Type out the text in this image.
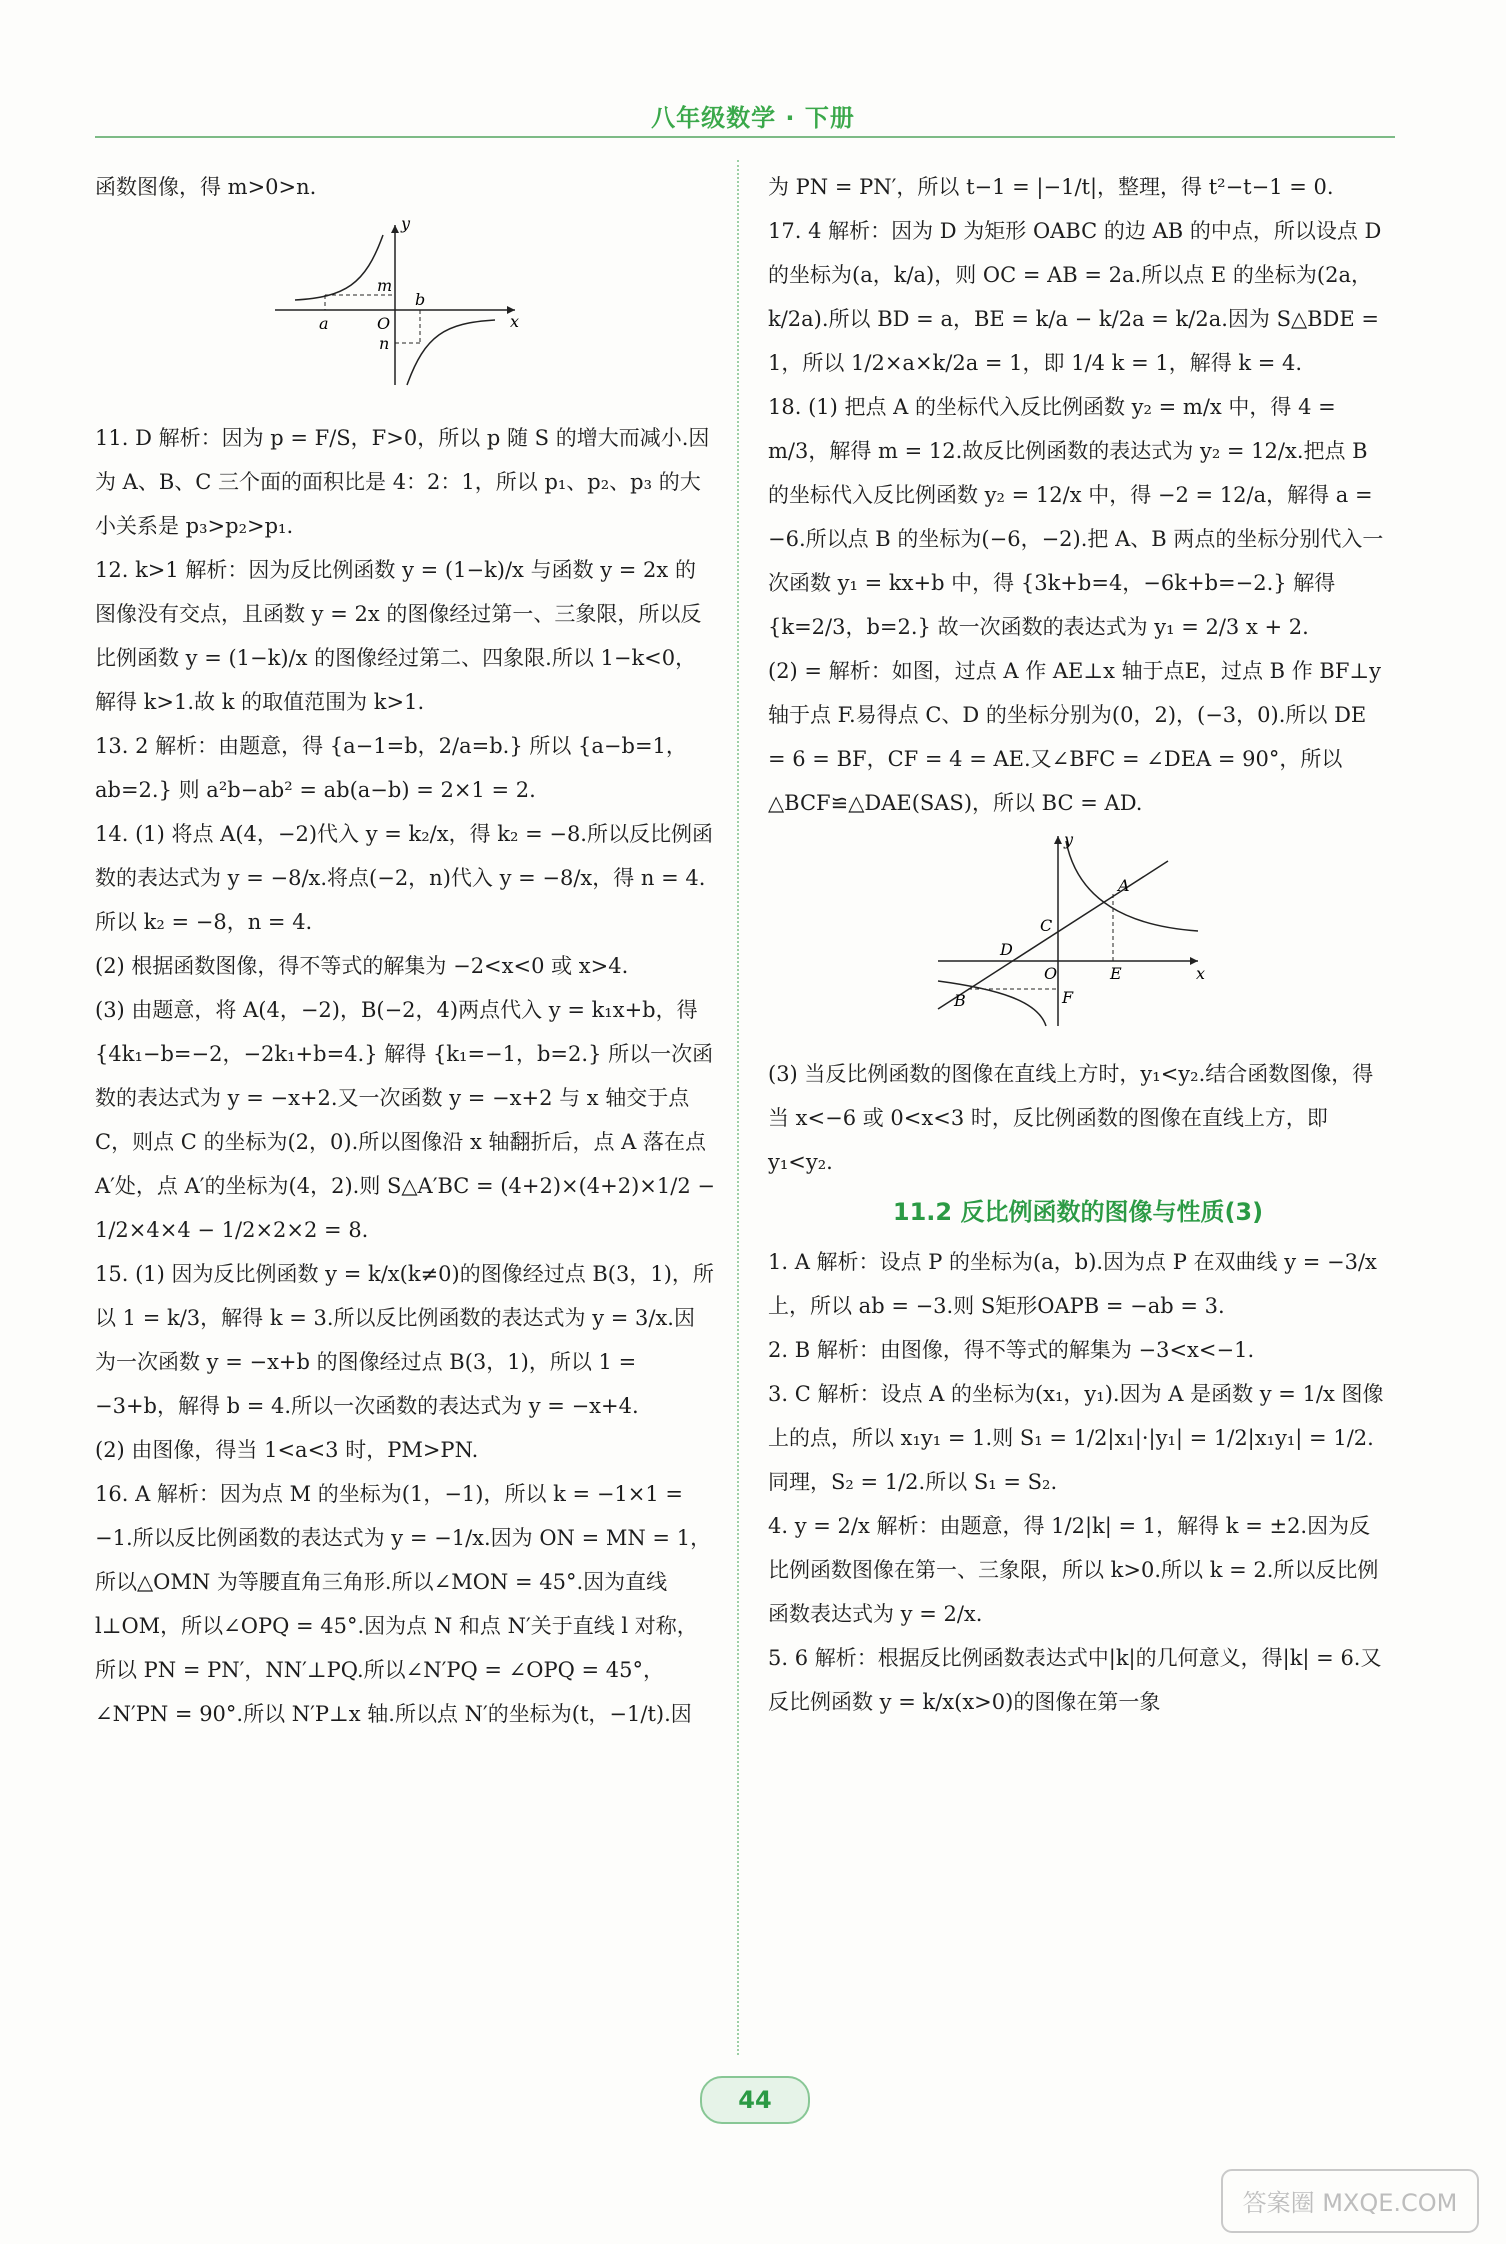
八年级数学 · 下册

函数图像，得 m>0>n.

y
x
O
a
b
m
n

11. D 解析：因为 p = F/S，F>0，所以 p 随 S 的增大而减小.因为 A、B、C 三个面的面积比是 4：2：1，所以 p₁、p₂、p₃ 的大小关系是 p₃>p₂>p₁.

12. k>1 解析：因为反比例函数 y = (1−k)/x 与函数 y = 2x 的图像没有交点，且函数 y = 2x 的图像经过第一、三象限，所以反比例函数 y = (1−k)/x 的图像经过第二、四象限.所以 1−k<0，解得 k>1.故 k 的取值范围为 k>1.

13. 2 解析：由题意，得 {a−1=b，2/a=b.} 所以 {a−b=1，ab=2.} 则 a²b−ab² = ab(a−b) = 2×1 = 2.

14. (1) 将点 A(4，−2)代入 y = k₂/x，得 k₂ = −8.所以反比例函数的表达式为 y = −8/x.将点(−2，n)代入 y = −8/x，得 n = 4.所以 k₂ = −8，n = 4.

(2) 根据函数图像，得不等式的解集为 −2<x<0 或 x>4.

(3) 由题意，将 A(4，−2)，B(−2，4)两点代入 y = k₁x+b，得 {4k₁−b=−2，−2k₁+b=4.} 解得 {k₁=−1，b=2.} 所以一次函数的表达式为 y = −x+2.又一次函数 y = −x+2 与 x 轴交于点C，则点 C 的坐标为(2，0).所以图像沿 x 轴翻折后，点 A 落在点 A′处，点 A′的坐标为(4，2).则 S△A′BC = (4+2)×(4+2)×1/2 − 1/2×4×4 − 1/2×2×2 = 8.

15. (1) 因为反比例函数 y = k/x(k≠0)的图像经过点 B(3，1)，所以 1 = k/3，解得 k = 3.所以反比例函数的表达式为 y = 3/x.因为一次函数 y = −x+b 的图像经过点 B(3，1)，所以 1 = −3+b，解得 b = 4.所以一次函数的表达式为 y = −x+4.

(2) 由图像，得当 1<a<3 时，PM>PN.

16. A 解析：因为点 M 的坐标为(1，−1)，所以 k = −1×1 = −1.所以反比例函数的表达式为 y = −1/x.因为 ON = MN = 1，所以△OMN 为等腰直角三角形.所以∠MON = 45°.因为直线 l⊥OM，所以∠OPQ = 45°.因为点 N 和点 N′关于直线 l 对称，所以 PN = PN′，NN′⊥PQ.所以∠N′PQ = ∠OPQ = 45°，∠N′PN = 90°.所以 N′P⊥x 轴.所以点 N′的坐标为(t，−1/t).因

为 PN = PN′，所以 t−1 = |−1/t|，整理，得 t²−t−1 = 0.

17. 4 解析：因为 D 为矩形 OABC 的边 AB 的中点，所以设点 D 的坐标为(a，k/a)，则 OC = AB = 2a.所以点 E 的坐标为(2a，k/2a).所以 BD = a，BE = k/a − k/2a = k/2a.因为 S△BDE = 1，所以 1/2×a×k/2a = 1，即 1/4 k = 1，解得 k = 4.

18. (1) 把点 A 的坐标代入反比例函数 y₂ = m/x 中，得 4 = m/3，解得 m = 12.故反比例函数的表达式为 y₂ = 12/x.把点 B 的坐标代入反比例函数 y₂ = 12/x 中，得 −2 = 12/a，解得 a = −6.所以点 B 的坐标为(−6，−2).把 A、B 两点的坐标分别代入一次函数 y₁ = kx+b 中，得 {3k+b=4，−6k+b=−2.} 解得 {k=2/3，b=2.} 故一次函数的表达式为 y₁ = 2/3 x + 2.

(2) = 解析：如图，过点 A 作 AE⊥x 轴于点E，过点 B 作 BF⊥y 轴于点 F.易得点 C、D 的坐标分别为(0，2)，(−3，0).所以 DE = 6 = BF，CF = 4 = AE.又∠BFC = ∠DEA = 90°，所以△BCF≌△DAE(SAS)，所以 BC = AD.

y
x
O
A
B
C
D
E
F

(3) 当反比例函数的图像在直线上方时，y₁<y₂.结合函数图像，得当 x<−6 或 0<x<3 时，反比例函数的图像在直线上方，即 y₁<y₂.

11.2 反比例函数的图像与性质(3)

1. A 解析：设点 P 的坐标为(a，b).因为点 P 在双曲线 y = −3/x 上，所以 ab = −3.则 S矩形OAPB = −ab = 3.

2. B 解析：由图像，得不等式的解集为 −3<x<−1.

3. C 解析：设点 A 的坐标为(x₁，y₁).因为 A 是函数 y = 1/x 图像上的点，所以 x₁y₁ = 1.则 S₁ = 1/2|x₁|·|y₁| = 1/2|x₁y₁| = 1/2.同理，S₂ = 1/2.所以 S₁ = S₂.

4. y = 2/x 解析：由题意，得 1/2|k| = 1，解得 k = ±2.因为反比例函数图像在第一、三象限，所以 k>0.所以 k = 2.所以反比例函数表达式为 y = 2/x.

5. 6 解析：根据反比例函数表达式中|k|的几何意义，得|k| = 6.又反比例函数 y = k/x(x>0)的图像在第一象

44
答案圈 MXQE.COM
